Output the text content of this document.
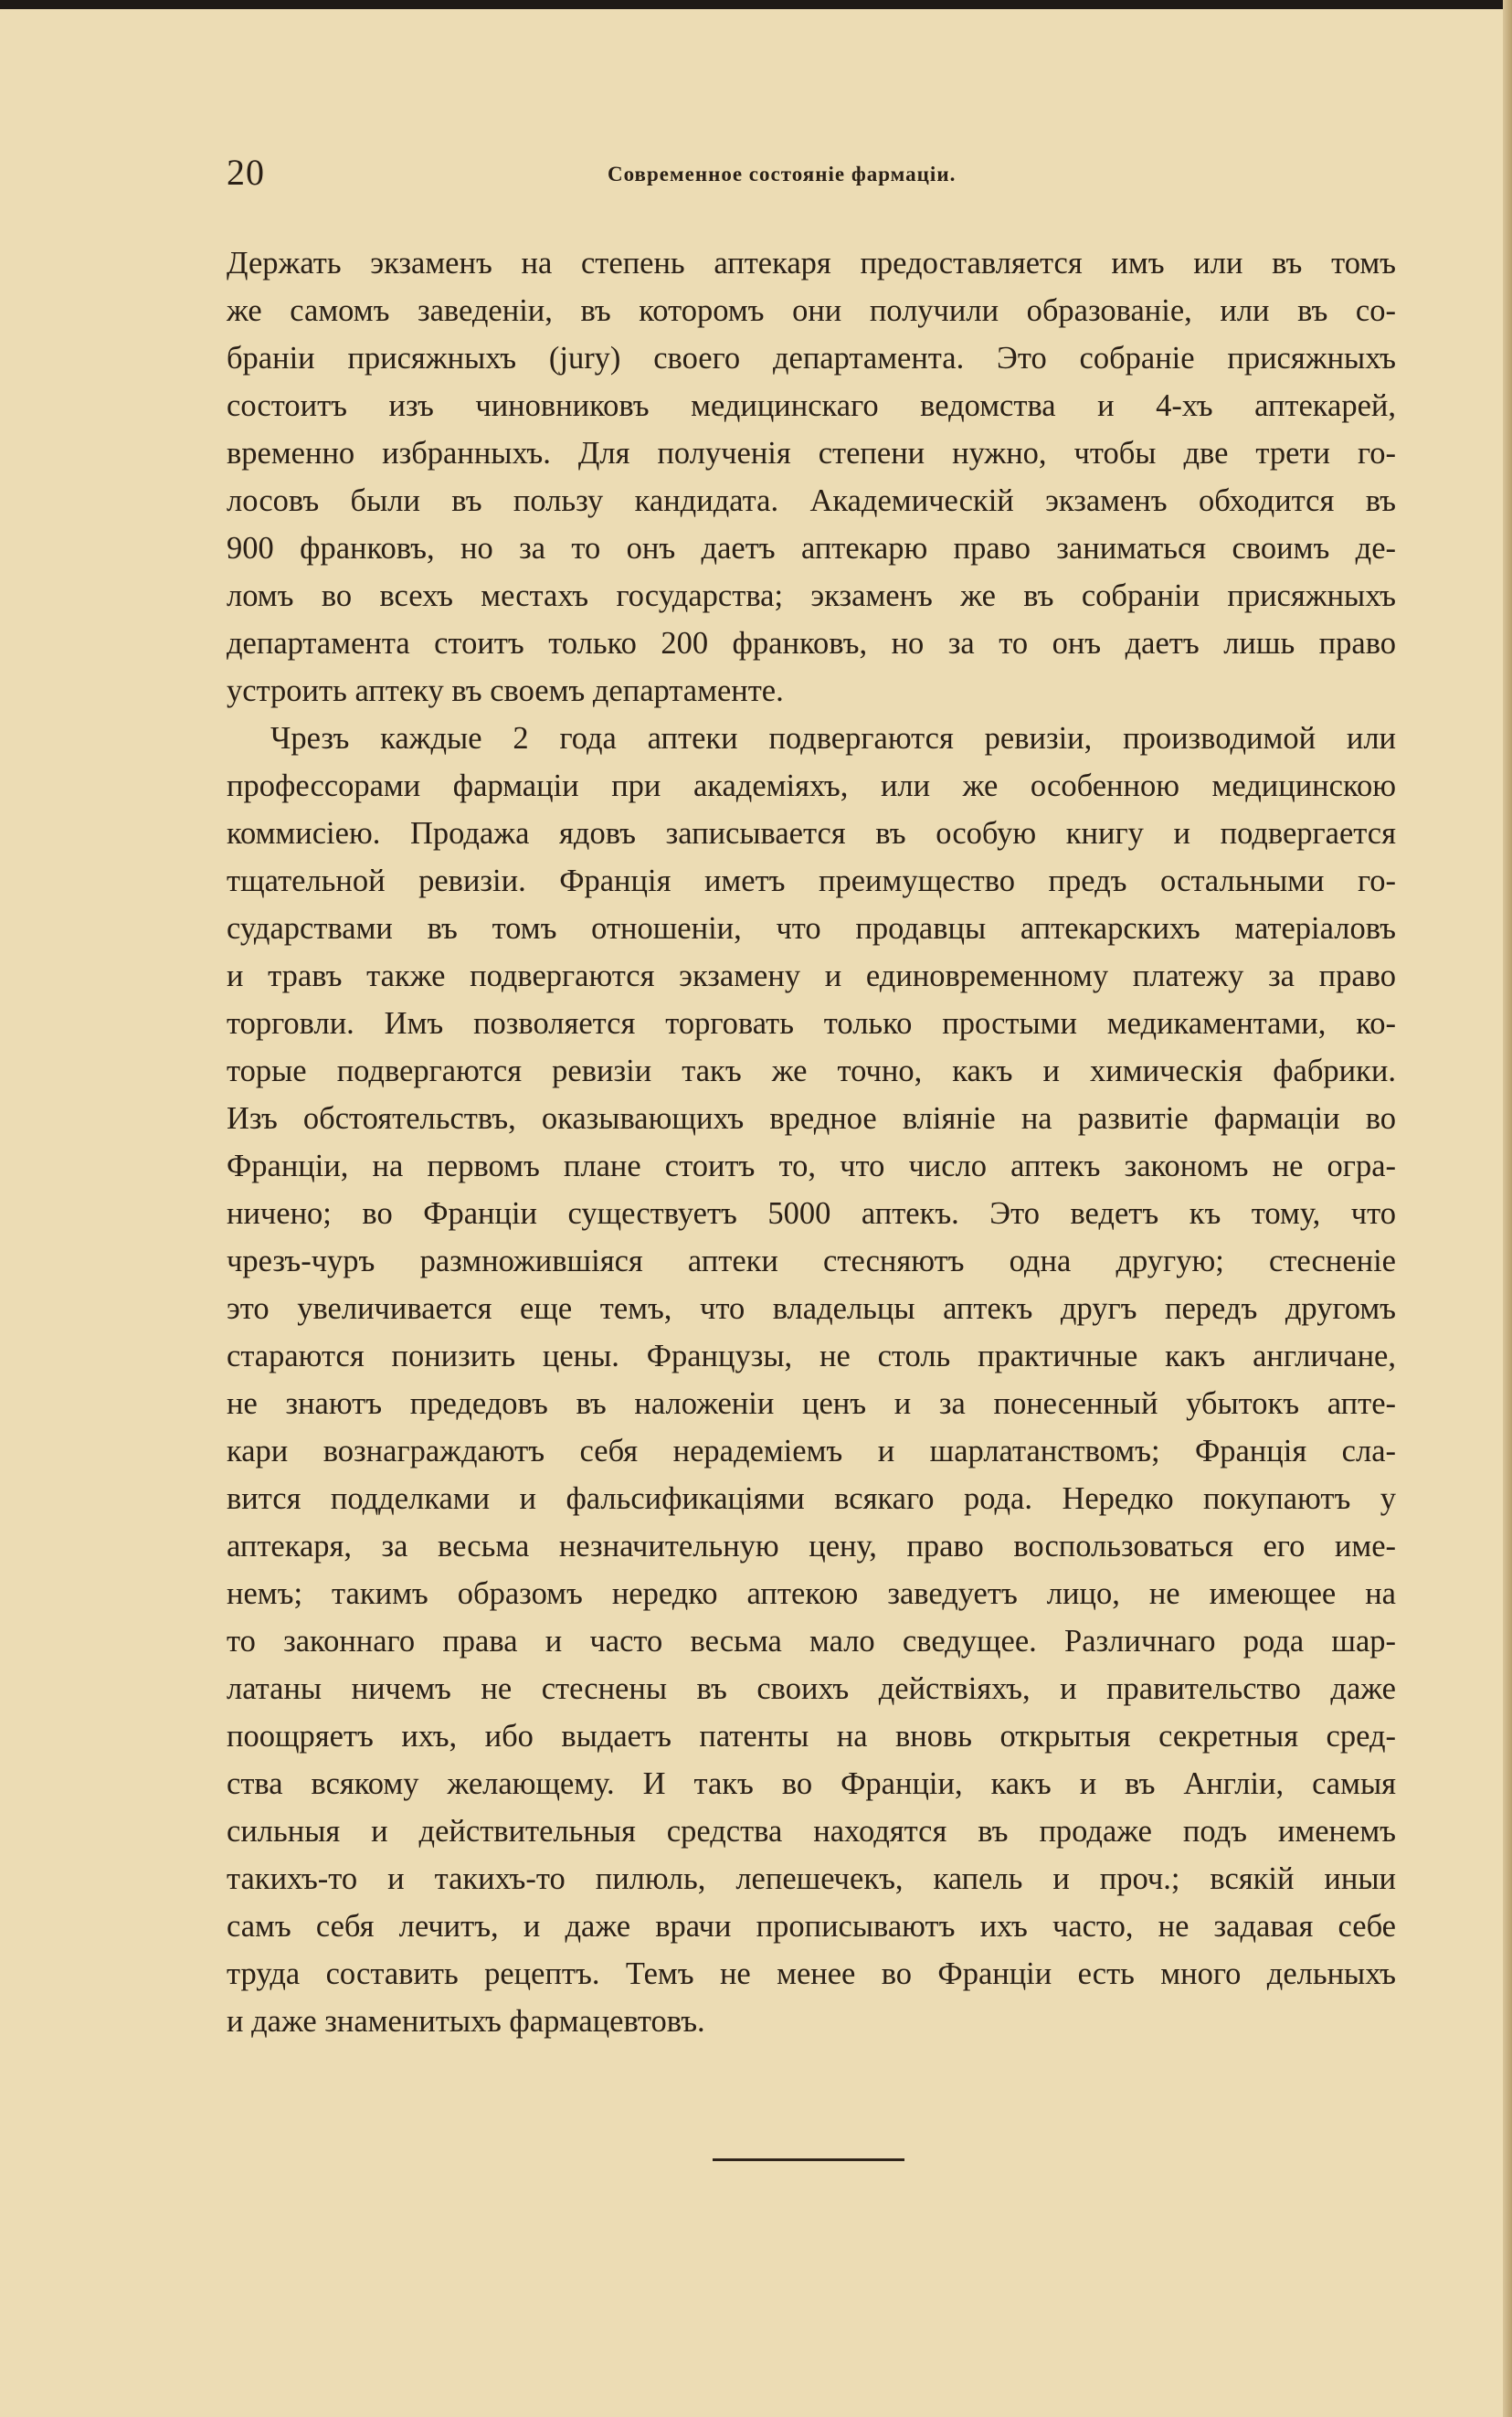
20	Современное состояніе фармаціи.
Держать экзаменъ на степень аптекаря предоставляется имъ или въ томъ
же самомъ заведеніи, въ которомъ они получили образованіе, или въ со-
браніи присяжныхъ (jury) своего департамента. Это собраніе присяжныхъ
состоитъ изъ чиновниковъ медицинскаго ведомства и 4-хъ аптекарей,
временно избранныхъ. Для полученія степени нужно, чтобы две трети го-
лосовъ были въ пользу кандидата. Академическій экзаменъ обходится въ
900 франковъ, но за то онъ даетъ аптекарю право заниматься своимъ де-
ломъ во всехъ местахъ государства; экзаменъ же въ собраніи присяжныхъ
департамента стоитъ только 200 франковъ, но за то онъ даетъ лишь право
устроить аптеку въ своемъ департаменте.
Чрезъ каждые 2 года аптеки подвергаются ревизіи, производимой или
профессорами фармаціи при академіяхъ, или же особенною медицинскою
коммисіею. Продажа ядовъ записывается въ особую книгу и подвергается
тщательной ревизіи. Франція иметъ преимущество предъ остальными го-
сударствами въ томъ отношеніи, что продавцы аптекарскихъ матеріаловъ
и травъ также подвергаются экзамену и единовременному платежу за право
торговли. Имъ позволяется торговать только простыми медикаментами, ко-
торые подвергаются ревизіи такъ же точно, какъ и химическія фабрики.
Изъ обстоятельствъ, оказывающихъ вредное вліяніе на развитіе фармаціи во
Франціи, на первомъ плане стоитъ то, что число аптекъ закономъ не огра-
ничено; во Франціи существуетъ 5000 аптекъ. Это ведетъ къ тому, что
чрезъ-чуръ размножившіяся аптеки стесняютъ одна другую; стесненіе
это увеличивается еще темъ, что владельцы аптекъ другъ передъ другомъ
стараются понизить цены. Французы, не столь практичные какъ англичане,
не знаютъ предедовъ въ наложеніи ценъ и за понесенный убытокъ апте-
кари вознаграждаютъ себя нерадеміемъ и шарлатанствомъ; Франція сла-
вится подделками и фальсификаціями всякаго рода. Нередко покупаютъ у
аптекаря, за весьма незначительную цену, право воспользоваться его име-
немъ; такимъ образомъ нередко аптекою заведуетъ лицо, не имеющее на
то законнаго права и часто весьма мало сведущее. Различнаго рода шар-
латаны ничемъ не стеснены въ своихъ действіяхъ, и правительство даже
поощряетъ ихъ, ибо выдаетъ патенты на вновь открытыя секретныя сред-
ства всякому желающему. И такъ во Франціи, какъ и въ Англіи, самыя
сильныя и действительныя средства находятся въ продаже подъ именемъ
такихъ-то и такихъ-то пилюль, лепешечекъ, капель и проч.; всякій иныи
самъ себя лечитъ, и даже врачи прописываютъ ихъ часто, не задавая себе
труда составить рецептъ. Темъ не менее во Франціи есть много дельныхъ
и даже знаменитыхъ фармацевтовъ.
